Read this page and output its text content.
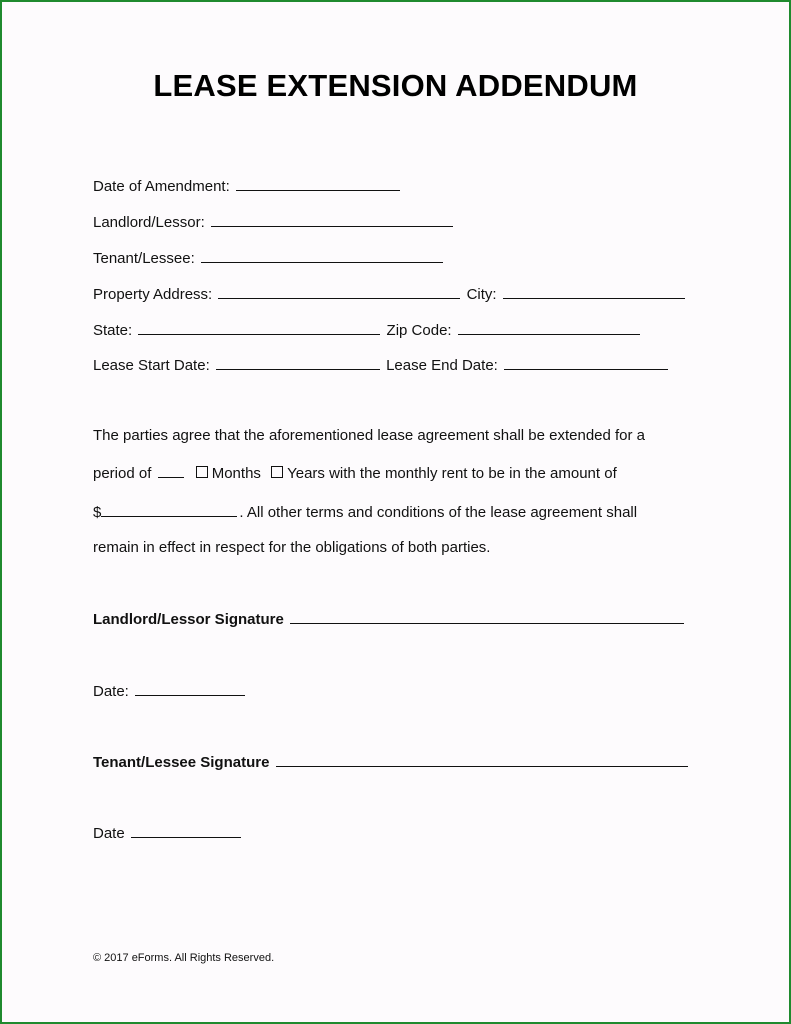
LEASE EXTENSION ADDENDUM
Date of Amendment:
Landlord/Lessor:
Tenant/Lessee:
Property Address:	City:
State:	Zip Code:
Lease Start Date:	Lease End Date:
The parties agree that the aforementioned lease agreement shall be extended for a
period of	Months Years with the monthly rent to be in the amount of
$	. All other terms and conditions of the lease agreement shall
remain in effect in respect for the obligations of both parties.
Landlord/Lessor Signature
Date:
Tenant/Lessee Signature
Date
© 2017 eForms. All Rights Reserved.
